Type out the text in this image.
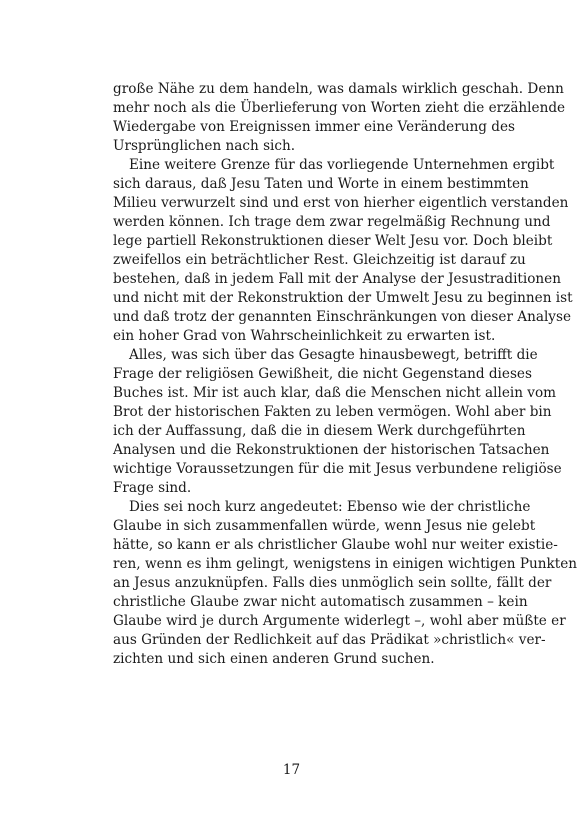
große Nähe zu dem handeln, was damals wirklich geschah. Denn
mehr noch als die Überlieferung von Worten zieht die erzählende
Wiedergabe von Ereignissen immer eine Veränderung des
Ursprünglichen nach sich.
Eine weitere Grenze für das vorliegende Unternehmen ergibt
sich daraus, daß Jesu Taten und Worte in einem bestimmten
Milieu verwurzelt sind und erst von hierher eigentlich verstanden
werden können. Ich trage dem zwar regelmäßig Rechnung und
lege partiell Rekonstruktionen dieser Welt Jesu vor. Doch bleibt
zweifellos ein beträchtlicher Rest. Gleichzeitig ist darauf zu
bestehen, daß in jedem Fall mit der Analyse der Jesustraditionen
und nicht mit der Rekonstruktion der Umwelt Jesu zu beginnen ist
und daß trotz der genannten Einschränkungen von dieser Analyse
ein hoher Grad von Wahrscheinlichkeit zu erwarten ist.
Alles, was sich über das Gesagte hinausbewegt, betrifft die
Frage der religiösen Gewißheit, die nicht Gegenstand dieses
Buches ist. Mir ist auch klar, daß die Menschen nicht allein vom
Brot der historischen Fakten zu leben vermögen. Wohl aber bin
ich der Auffassung, daß die in diesem Werk durchgeführten
Analysen und die Rekonstruktionen der historischen Tatsachen
wichtige Voraussetzungen für die mit Jesus verbundene religiöse
Frage sind.
Dies sei noch kurz angedeutet: Ebenso wie der christliche
Glaube in sich zusammenfallen würde, wenn Jesus nie gelebt
hätte, so kann er als christlicher Glaube wohl nur weiter existie-
ren, wenn es ihm gelingt, wenigstens in einigen wichtigen Punkten
an Jesus anzuknüpfen. Falls dies unmöglich sein sollte, fällt der
christliche Glaube zwar nicht automatisch zusammen – kein
Glaube wird je durch Argumente widerlegt –, wohl aber müßte er
aus Gründen der Redlichkeit auf das Prädikat »christlich« ver-
zichten und sich einen anderen Grund suchen.

17
